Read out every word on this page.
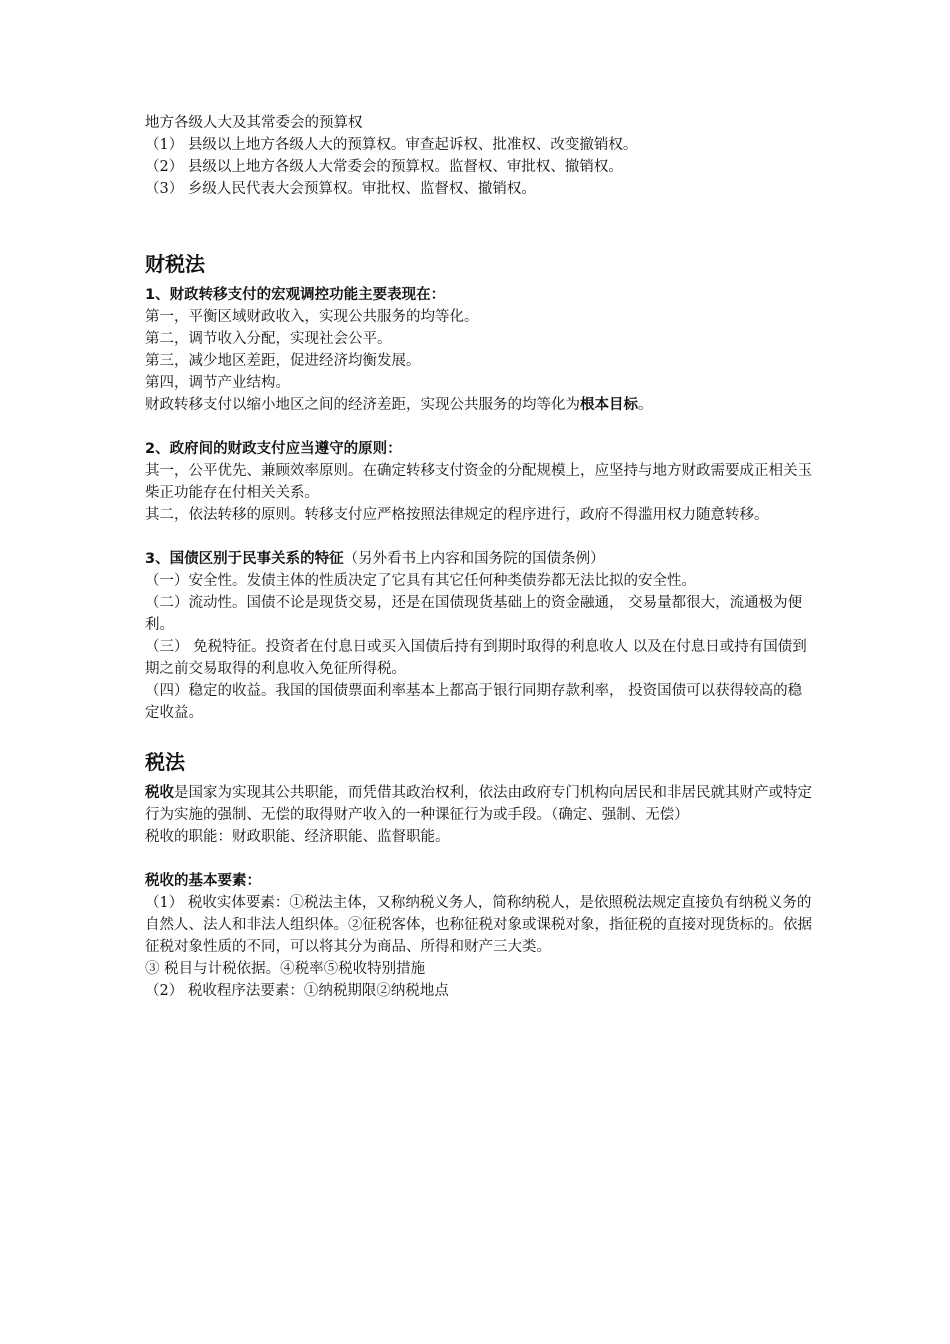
地方各级人大及其常委会的预算权
（1） 县级以上地方各级人大的预算权。审查起诉权、批准权、改变撤销权。
（2） 县级以上地方各级人大常委会的预算权。监督权、审批权、撤销权。
（3） 乡级人民代表大会预算权。审批权、监督权、撤销权。
财税法
1、财政转移支付的宏观调控功能主要表现在：
第一，平衡区域财政收入，实现公共服务的均等化。
第二，调节收入分配，实现社会公平。
第三，减少地区差距，促进经济均衡发展。
第四，调节产业结构。
财政转移支付以缩小地区之间的经济差距，实现公共服务的均等化为根本目标。
2、政府间的财政支付应当遵守的原则：
其一，公平优先、兼顾效率原则。在确定转移支付资金的分配规模上，应坚持与地方财政需要成正相关玉柴正功能存在付相关关系。
其二，依法转移的原则。转移支付应严格按照法律规定的程序进行，政府不得滥用权力随意转移。
3、国债区别于民事关系的特征（另外看书上内容和国务院的国债条例）
（一）安全性。发债主体的性质决定了它具有其它任何种类债券都无法比拟的安全性。
（二）流动性。国债不论是现货交易，还是在国债现货基础上的资金融通， 交易量都很大，流通极为便利。
（三） 免税特征。投资者在付息日或买入国债后持有到期时取得的利息收人 以及在付息日或持有国债到期之前交易取得的利息收入免征所得税。
（四）稳定的收益。我国的国债票面利率基本上都高于银行同期存款利率， 投资国债可以获得较高的稳定收益。
税法
税收是国家为实现其公共职能，而凭借其政治权利，依法由政府专门机构向居民和非居民就其财产或特定行为实施的强制、无偿的取得财产收入的一种课征行为或手段。（确定、强制、无偿）
税收的职能：财政职能、经济职能、监督职能。
税收的基本要素：
（1） 税收实体要素：①税法主体，又称纳税义务人，简称纳税人，是依照税法规定直接负有纳税义务的自然人、法人和非法人组织体。②征税客体，也称征税对象或课税对象，指征税的直接对现货标的。依据征税对象性质的不同，可以将其分为商品、所得和财产三大类。
③ 税目与计税依据。④税率⑤税收特别措施
（2） 税收程序法要素：①纳税期限②纳税地点
